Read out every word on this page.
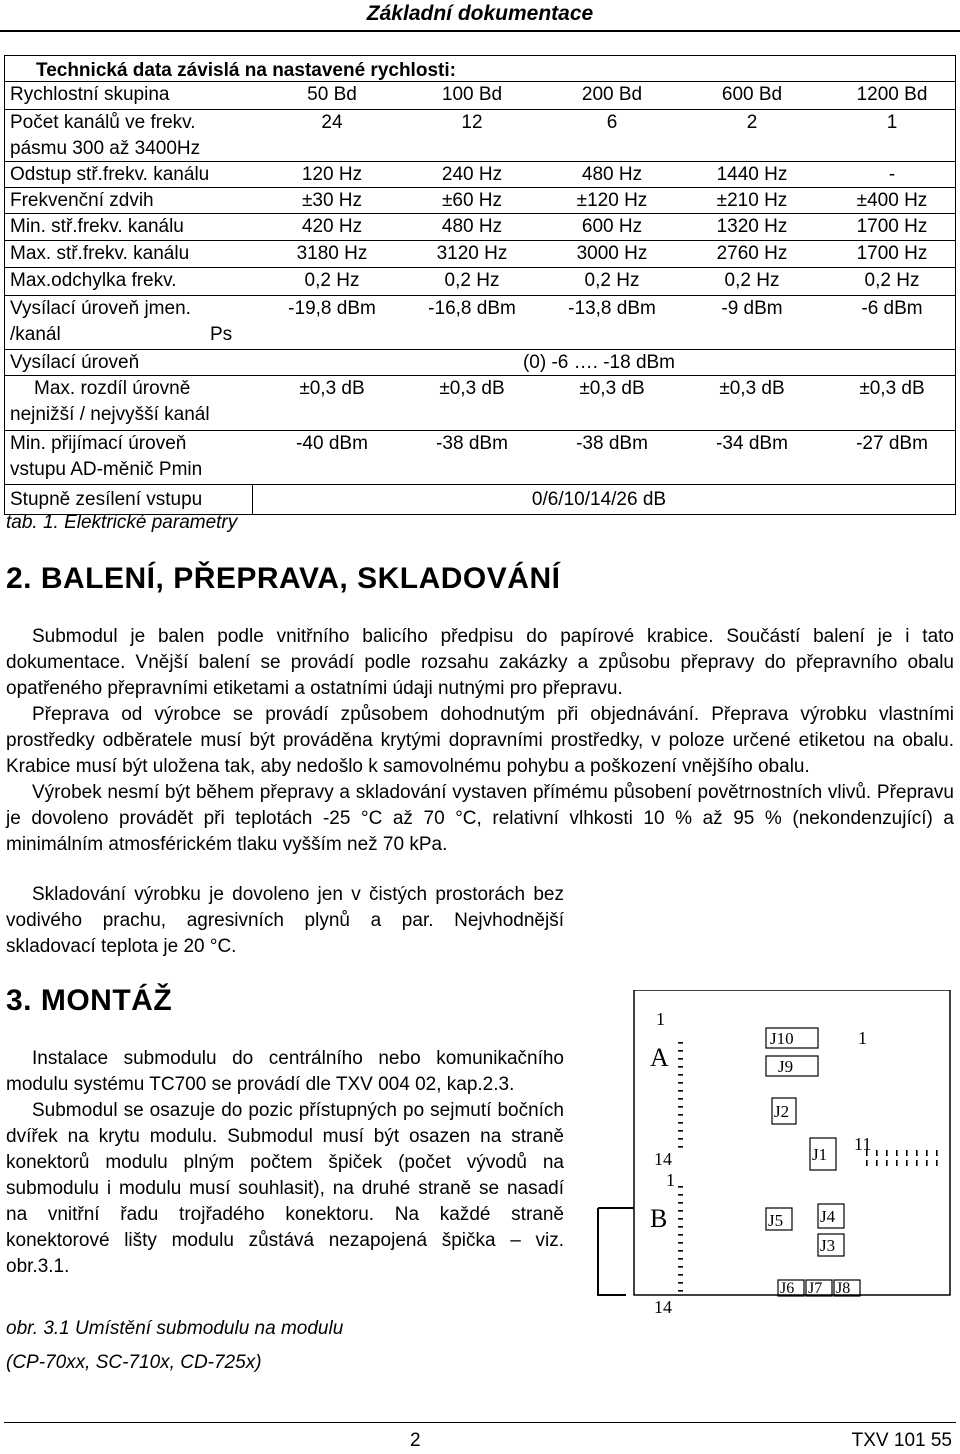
Základní dokumentace
Technická data závislá na nastavené rychlosti:
Rychlostní skupina	50 Bd	100 Bd	200 Bd	600 Bd	1200 Bd
Počet kanálů ve frekv.
pásmu 300 až 3400Hz
24	12	6	2	1
Odstup stř.frekv. kanálu	120 Hz	240 Hz	480 Hz	1440 Hz	-
Frekvenční zdvih	±30 Hz	±60 Hz	±120 Hz	±210 Hz	±400 Hz
Min. stř.frekv. kanálu	420 Hz	480 Hz	600 Hz	1320 Hz	1700 Hz
Max. stř.frekv. kanálu	3180 Hz	3120 Hz	3000 Hz	2760 Hz	1700 Hz
Max.odchylka frekv.	0,2 Hz	0,2 Hz	0,2 Hz	0,2 Hz	0,2 Hz
Vysílací úroveň jmen.
/kanál	Ps
-19,8 dBm	-16,8 dBm	-13,8 dBm	-9 dBm	-6 dBm
Vysílací úroveň	(0) -6 …. -18 dBm
Max. rozdíl úrovně
nejnižší / nejvyšší kanál
±0,3 dB	±0,3 dB	±0,3 dB	±0,3 dB	±0,3 dB
Min. přijímací úroveň
vstupu AD-měnič Pmin
-40 dBm	-38 dBm	-38 dBm	-34 dBm	-27 dBm
Stupně zesílení vstupu	0/6/10/14/26 dB
tab. 1. Elektrické parametry
2. BALENÍ, PŘEPRAVA, SKLADOVÁNÍ

Submodul je balen podle vnitřního balicího předpisu do papírové krabice. Součástí balení je i tato dokumentace. Vnější balení se provádí podle rozsahu zakázky a způsobu přepravy do přepravního obalu opatřeného přepravními etiketami a ostatními údaji nutnými pro přepravu.

Přeprava od výrobce se provádí způsobem dohodnutým při objednávání. Přeprava výrobku vlastními prostředky odběratele musí být prováděna krytými dopravními prostředky, v poloze určené etiketou na obalu. Krabice musí být uložena tak, aby nedošlo k samovolnému pohybu a poškození vnějšího obalu.

Výrobek nesmí být během přepravy a skladování vystaven přímému působení povětrnostních vlivů. Přepravu je dovoleno provádět při teplotách -25 °C až 70 °C, relativní vlhkosti 10 % až 95 % (nekondenzující) a minimálním atmosférickém tlaku vyšším než 70 kPa.

Skladování výrobku je dovoleno jen v čistých prostorách bez vodivého prachu, agresivních plynů a par. Nejvhodnější skladovací teplota je 20 °C.

3. MONTÁŽ

Instalace submodulu do centrálního nebo komunikačního modulu systému TC700 se provádí dle TXV 004 02, kap.2.3.

Submodul se osazuje do pozic přístupných po sejmutí bočních dvířek na krytu modulu. Submodul musí být osazen na straně konektorů modulu plným počtem špiček (počet vývodů na submodulu i modulu musí souhlasit), na druhé straně se nasadí na vnitřní řadu trojřadého konektoru. Na každé straně konektorové lišty modulu zůstává nezapojená špička – viz. obr.3.1.

obr. 3.1 Umístění submodulu na modulu
(CP-70xx, SC-710x, CD-725x)
1
A
14
1
B
14
J10
J9
J2
J1
J5 J4
J3
J6 J7 J8
1
11
2	TXV 101 55
